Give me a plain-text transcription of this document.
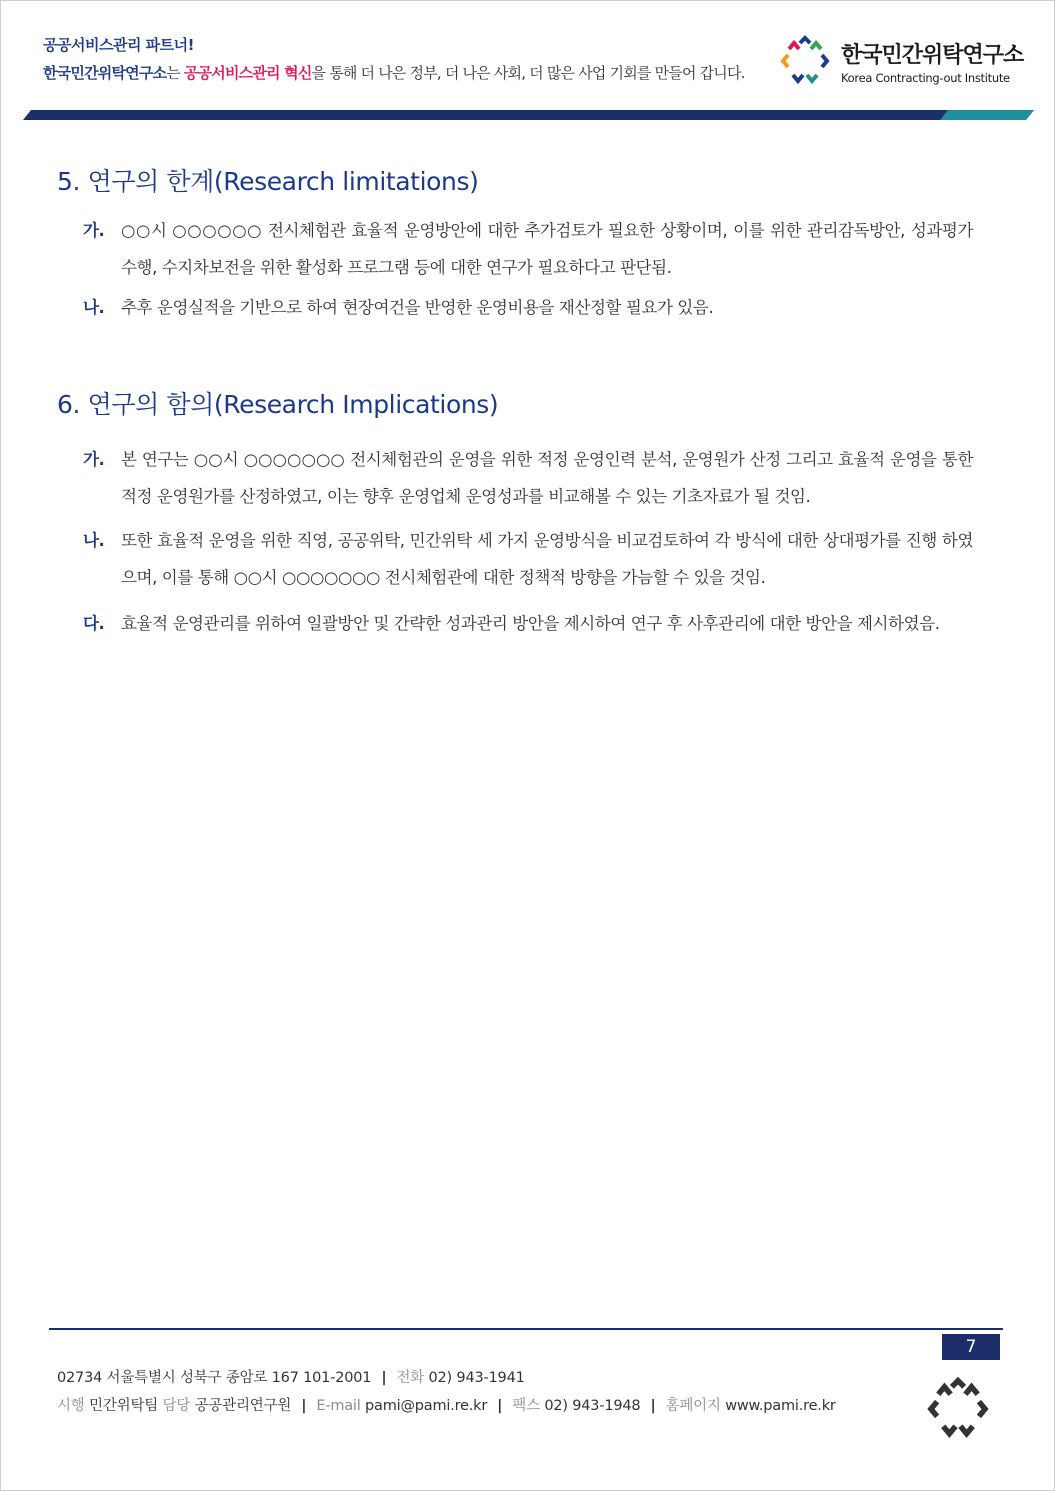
공공서비스관리 파트너!
한국민간위탁연구소는 공공서비스관리 혁신을 통해 더 나은 정부, 더 나은 사회, 더 많은 사업 기회를 만들어 갑니다.
한국민간위탁연구소
Korea Contracting-out Institute
5. 연구의 한계(Research limitations)
가.	○○시 ○○○○○○ 전시체험관 효율적 운영방안에 대한 추가검토가 필요한 상황이며, 이를 위한 관리감독방안, 성과평가 수행, 수지차보전을 위한 활성화 프로그램 등에 대한 연구가 필요하다고 판단됨.
나.	추후 운영실적을 기반으로 하여 현장여건을 반영한 운영비용을 재산정할 필요가 있음.
6. 연구의 함의(Research Implications)
가.	본 연구는 ○○시 ○○○○○○○ 전시체험관의 운영을 위한 적정 운영인력 분석, 운영원가 산정 그리고 효율적 운영을 통한 적정 운영원가를 산정하였고, 이는 향후 운영업체 운영성과를 비교해볼 수 있는 기초자료가 될 것임.
나.	또한 효율적 운영을 위한 직영, 공공위탁, 민간위탁 세 가지 운영방식을 비교검토하여 각 방식에 대한 상대평가를 진행 하였으며, 이를 통해 ○○시 ○○○○○○○ 전시체험관에 대한 정책적 방향을 가늠할 수 있을 것임.
다.	효율적 운영관리를 위하여 일괄방안 및 간략한 성과관리 방안을 제시하여 연구 후 사후관리에 대한 방안을 제시하였음.
7
02734 서울특별시 성북구 종암로 167 101-2001 | 전화 02) 943-1941
시행 민간위탁팀 담당 공공관리연구원 | E-mail pami@pami.re.kr | 팩스 02) 943-1948 | 홈페이지 www.pami.re.kr
